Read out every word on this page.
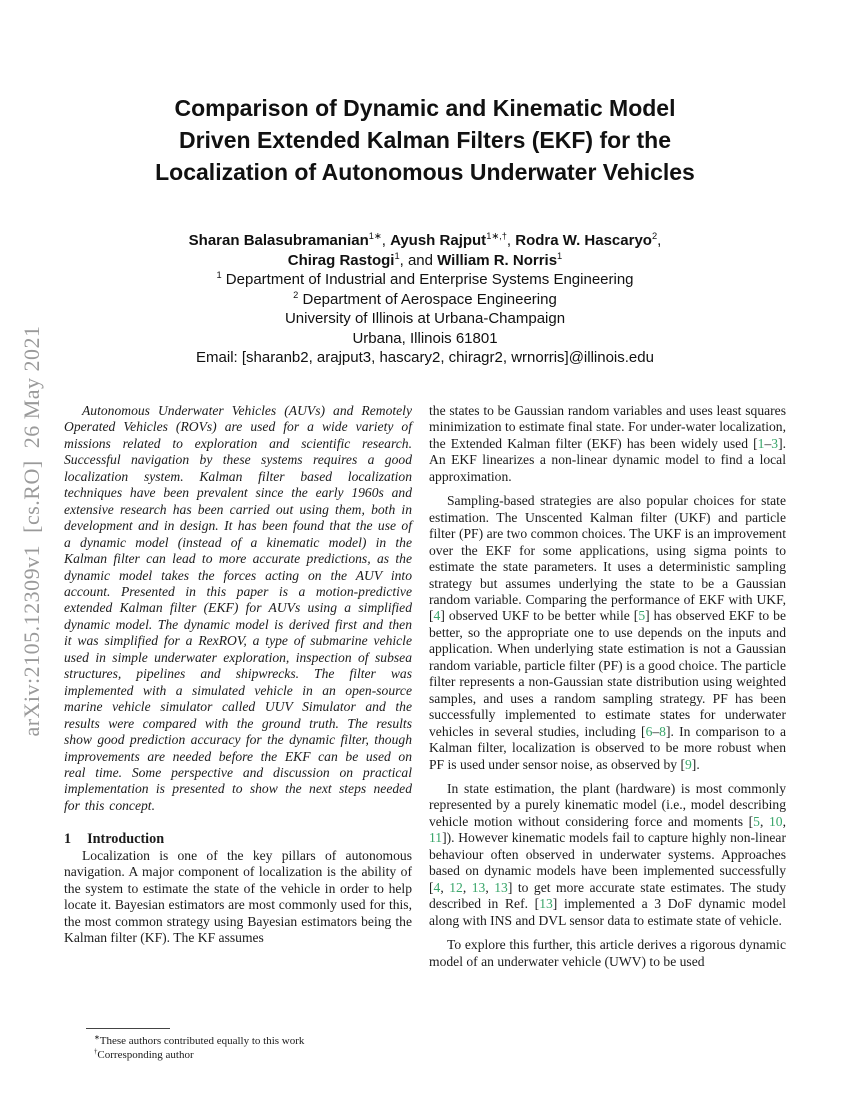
arXiv:2105.12309v1  [cs.RO]  26 May 2021
Comparison of Dynamic and Kinematic Model
Driven Extended Kalman Filters (EKF) for the
Localization of Autonomous Underwater Vehicles
Sharan Balasubramanian$^{1∗}$, Ayush Rajput$^{1∗,\dagger}$, Rodra W. Hascaryo$^2$,
Chirag Rastogi$^1$, and William R. Norris$^1$
$^1$ Department of Industrial and Enterprise Systems Engineering
$^2$ Department of Aerospace Engineering
University of Illinois at Urbana-Champaign
Urbana, Illinois 61801
Email: [sharanb2, arajput3, hascary2, chiragr2, wrnorris]@illinois.edu

Autonomous Underwater Vehicles (AUVs) and Remotely Operated Vehicles (ROVs) are used for a wide variety of missions related to exploration and scientific research. Successful navigation by these systems requires a good localization system. Kalman filter based localization techniques have been prevalent since the early 1960s and extensive research has been carried out using them, both in development and in design. It has been found that the use of a dynamic model (instead of a kinematic model) in the Kalman filter can lead to more accurate predictions, as the dynamic model takes the forces acting on the AUV into account. Presented in this paper is a motion-predictive extended Kalman filter (EKF) for AUVs using a simplified dynamic model. The dynamic model is derived first and then it was simplified for a RexROV, a type of submarine vehicle used in simple underwater exploration, inspection of subsea structures, pipelines and shipwrecks. The filter was implemented with a simulated vehicle in an open-source marine vehicle simulator called UUV Simulator and the results were compared with the ground truth. The results show good prediction accuracy for the dynamic filter, though improvements are needed before the EKF can be used on real time. Some perspective and discussion on practical implementation is presented to show the next steps needed for this concept.

1 Introduction

Localization is one of the key pillars of autonomous navigation. A major component of localization is the ability of the system to estimate the state of the vehicle in order to help locate it. Bayesian estimators are most commonly used for this, the most common strategy using Bayesian estimators being the Kalman filter (KF). The KF assumes

the states to be Gaussian random variables and uses least squares minimization to estimate final state. For under-water localization, the Extended Kalman filter (EKF) has been widely used [1–3]. An EKF linearizes a non-linear dynamic model to find a local approximation.

Sampling-based strategies are also popular choices for state estimation. The Unscented Kalman filter (UKF) and particle filter (PF) are two common choices. The UKF is an improvement over the EKF for some applications, using sigma points to estimate the state parameters. It uses a deterministic sampling strategy but assumes underlying the state to be a Gaussian random variable. Comparing the performance of EKF with UKF, [4] observed UKF to be better while [5] has observed EKF to be better, so the appropriate one to use depends on the inputs and application. When underlying state estimation is not a Gaussian random variable, particle filter (PF) is a good choice. The particle filter represents a non-Gaussian state distribution using weighted samples, and uses a random sampling strategy. PF has been successfully implemented to estimate states for underwater vehicles in several studies, including [6–8]. In comparison to a Kalman filter, localization is observed to be more robust when PF is used under sensor noise, as observed by [9].

In state estimation, the plant (hardware) is most commonly represented by a purely kinematic model (i.e., model describing vehicle motion without considering force and moments [5, 10, 11]). However kinematic models fail to capture highly non-linear behaviour often observed in underwater systems. Approaches based on dynamic models have been implemented successfully [4, 12, 13, 13] to get more accurate state estimates. The study described in Ref. [13] implemented a 3 DoF dynamic model along with INS and DVL sensor data to estimate state of vehicle.

To explore this further, this article derives a rigorous dynamic model of an underwater vehicle (UWV) to be used

∗These authors contributed equally to this work
†Corresponding author
